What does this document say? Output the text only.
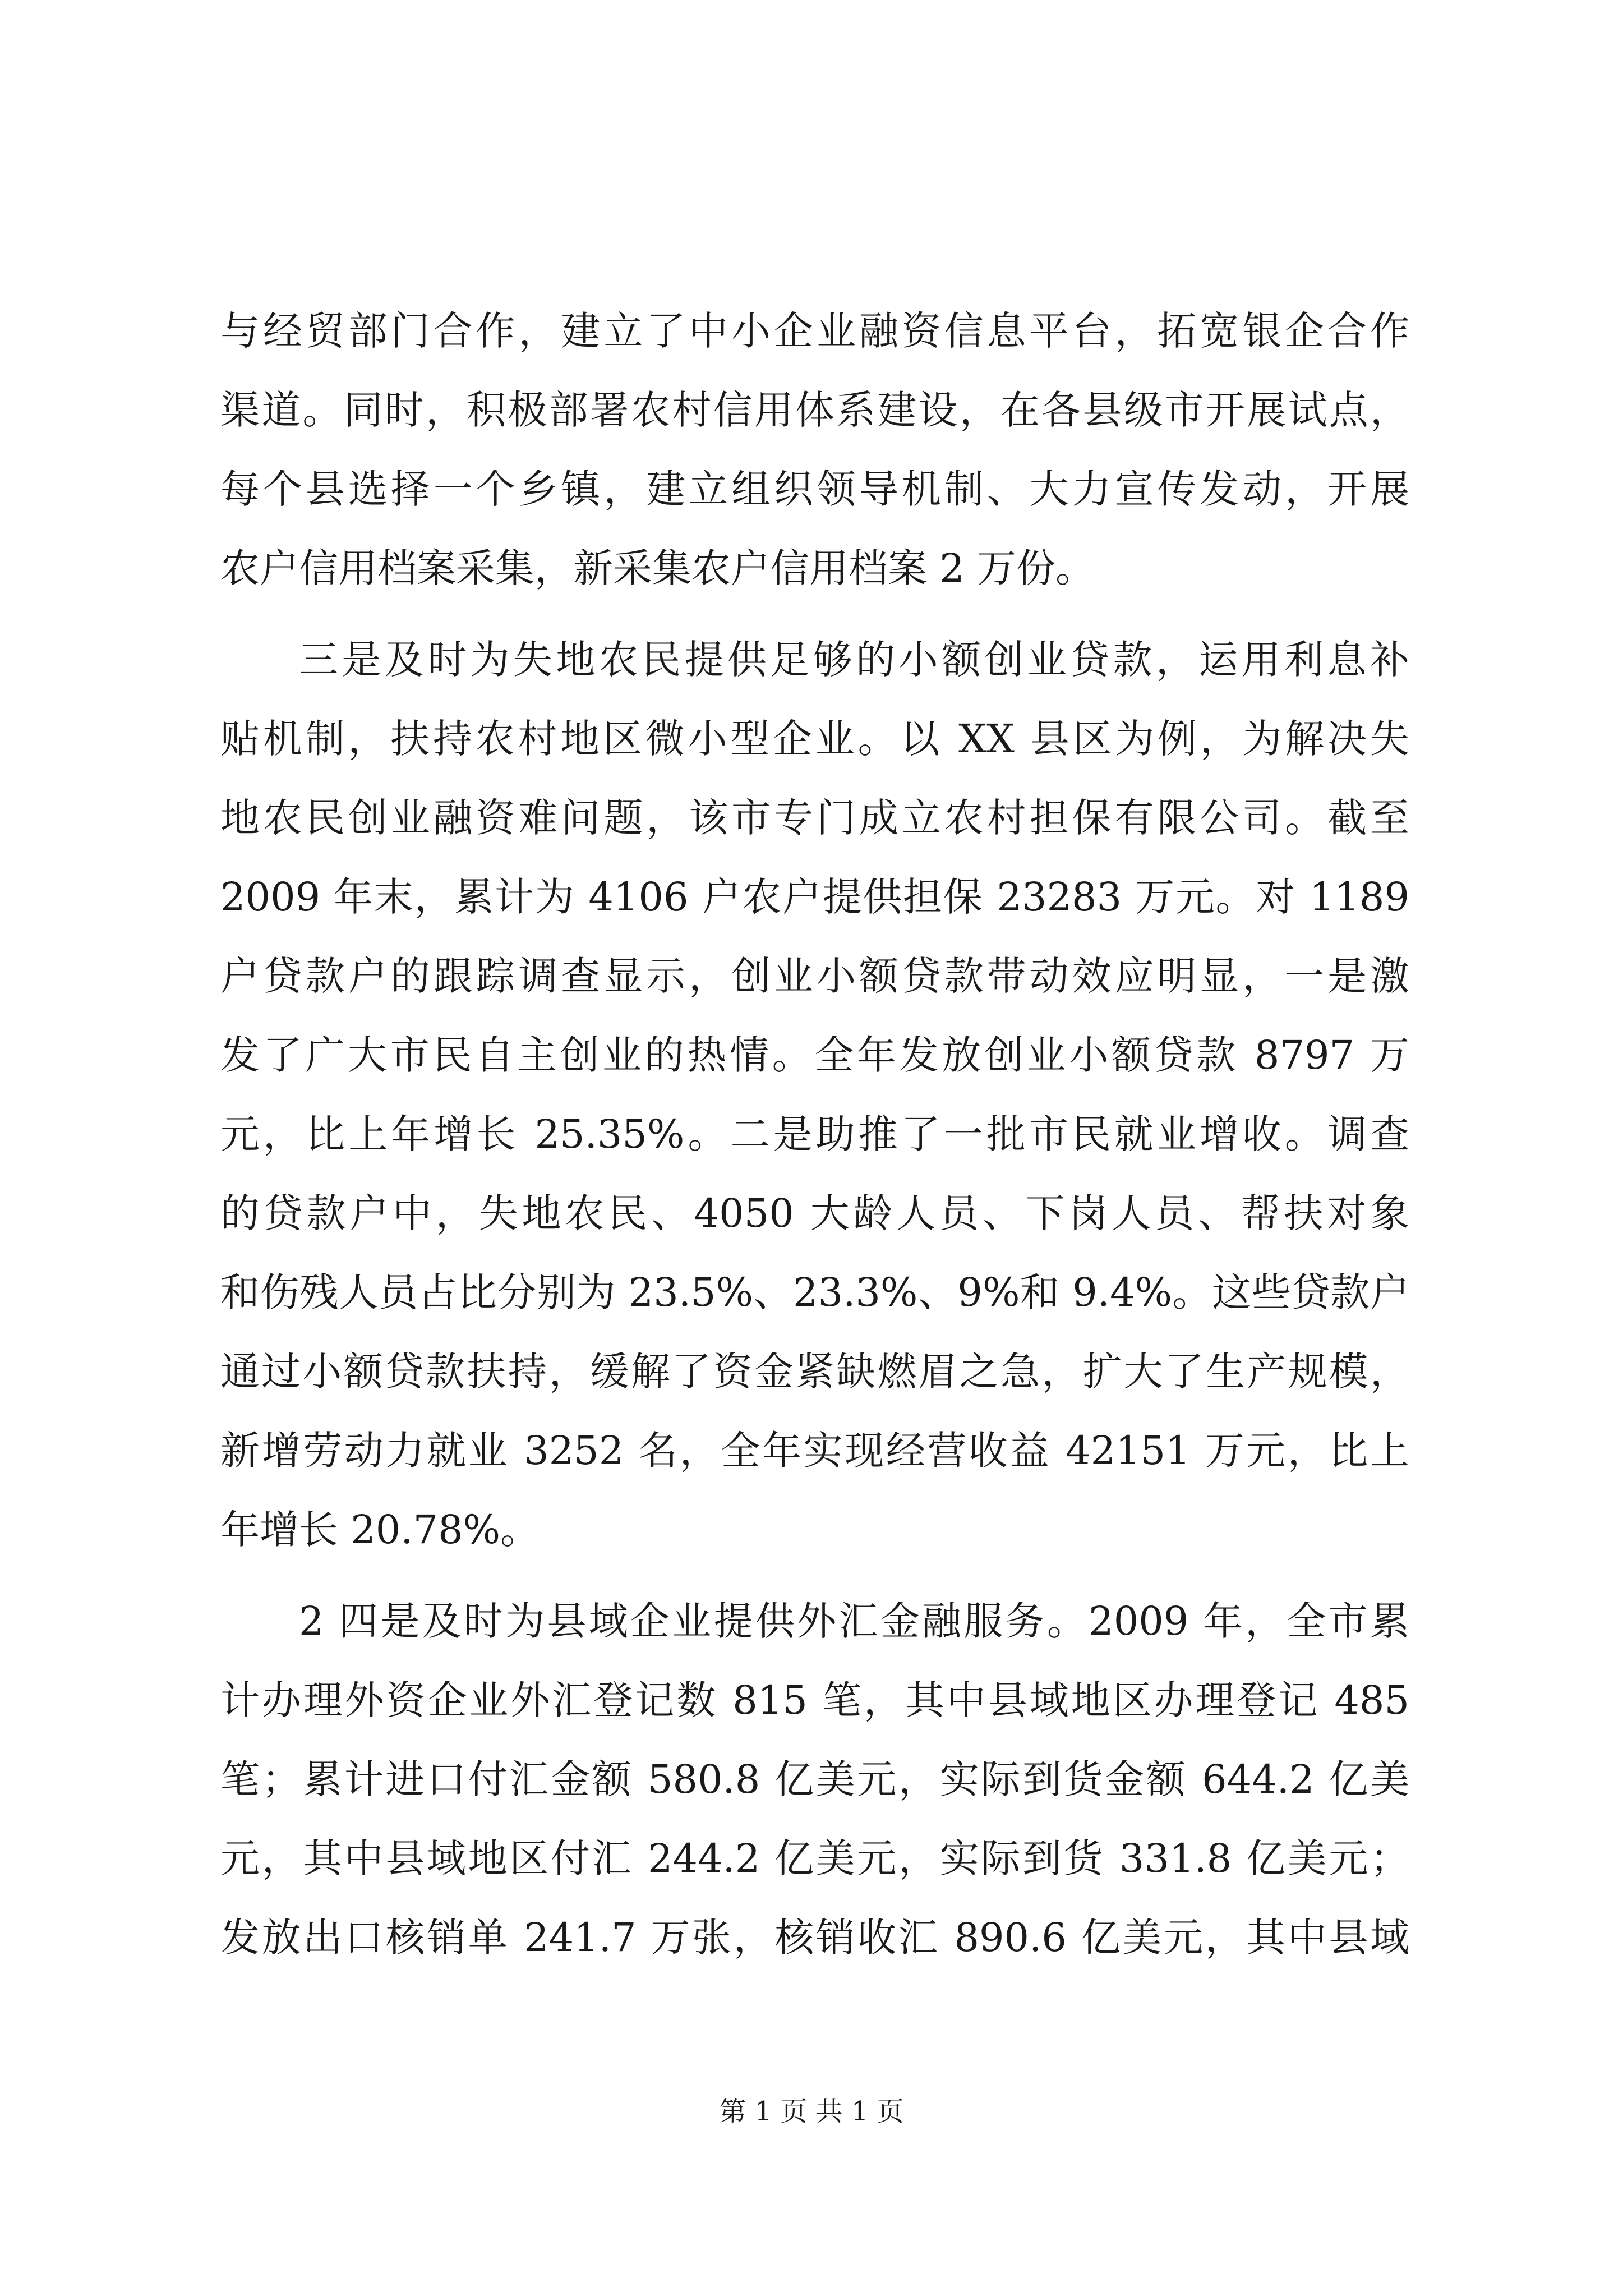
与经贸部门合作，建立了中小企业融资信息平台，拓宽银企合作
渠道。同时，积极部署农村信用体系建设，在各县级市开展试点，
每个县选择一个乡镇，建立组织领导机制、大力宣传发动，开展
农户信用档案采集，新采集农户信用档案 2 万份。
三是及时为失地农民提供足够的小额创业贷款，运用利息补
贴机制，扶持农村地区微小型企业。以 XX 县区为例，为解决失
地农民创业融资难问题，该市专门成立农村担保有限公司。截至
2009 年末，累计为 4106 户农户提供担保 23283 万元。对 1189
户贷款户的跟踪调查显示，创业小额贷款带动效应明显，一是激
发了广大市民自主创业的热情。全年发放创业小额贷款 8797 万
元，比上年增长 25.35%。二是助推了一批市民就业增收。调查
的贷款户中，失地农民、4050 大龄人员、下岗人员、帮扶对象
和伤残人员占比分别为 23.5%、23.3%、9%和 9.4%。这些贷款户
通过小额贷款扶持，缓解了资金紧缺燃眉之急，扩大了生产规模，
新增劳动力就业 3252 名，全年实现经营收益 42151 万元，比上
年增长 20.78%。
2 四是及时为县域企业提供外汇金融服务。2009 年，全市累
计办理外资企业外汇登记数 815 笔，其中县域地区办理登记 485
笔；累计进口付汇金额 580.8 亿美元，实际到货金额 644.2 亿美
元，其中县域地区付汇 244.2 亿美元，实际到货 331.8 亿美元；
发放出口核销单 241.7 万张，核销收汇 890.6 亿美元，其中县域
第 1 页 共 1 页
